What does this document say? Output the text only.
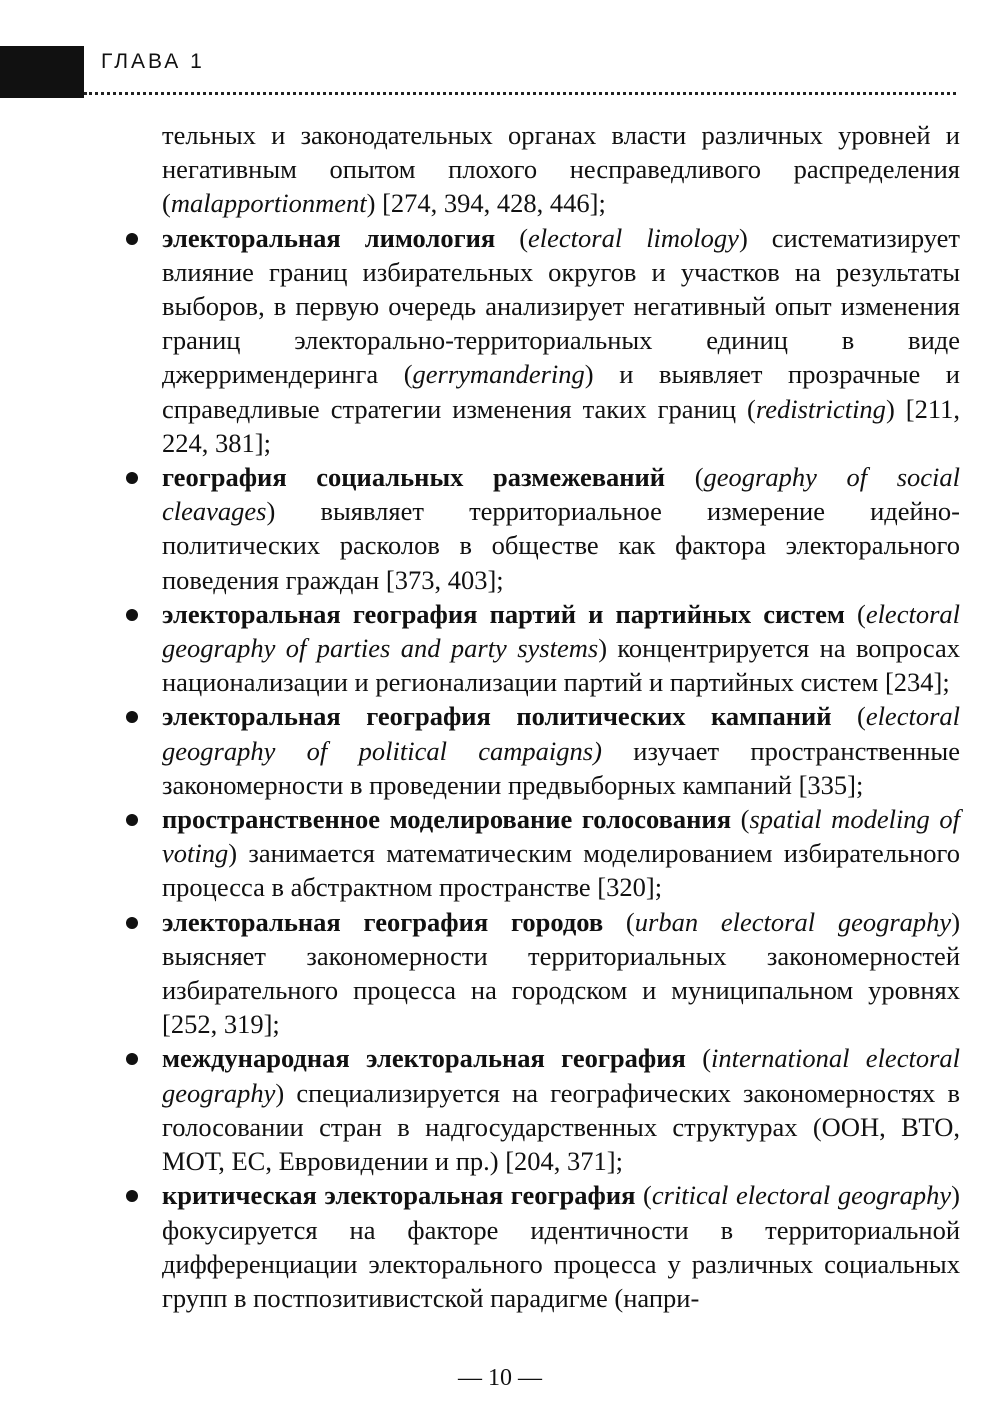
ГЛАВА 1

тельных и законодательных органах власти различных уровней и негативным опытом плохого несправедливого распределения (malapportionment) [274, 394, 428, 446];

электоральная лимология (electoral limology) систематизирует влияние границ избирательных округов и участков на результаты выборов, в первую очередь анализирует негативный опыт изменения границ электорально-территориальных единиц в виде джерримендеринга (gerrymandering) и выявляет прозрачные и справедливые стратегии изменения таких границ (redistricting) [211, 224, 381];

география социальных размежеваний (geography of social cleavages) выявляет территориальное измерение идейно-политических расколов в обществе как фактора электорального поведения граждан [373, 403];

электоральная география партий и партийных систем (electoral geography of parties and party systems) концентрируется на вопросах национализации и регионализации партий и партийных систем [234];

электоральная география политических кампаний (electoral geography of political campaigns) изучает пространственные закономерности в проведении предвыборных кампаний [335];

пространственное моделирование голосования (spatial modeling of voting) занимается математическим моделированием избирательного процесса в абстрактном пространстве [320];

электоральная география городов (urban electoral geography) выясняет закономерности территориальных закономерностей избирательного процесса на городском и муниципальном уровнях [252, 319];

международная электоральная география (international electoral geography) специализируется на географических закономерностях в голосовании стран в надгосударственных структурах (ООН, ВТО, МОТ, ЕС, Евровидении и пр.) [204, 371];

критическая электоральная география (critical electoral geography) фокусируется на факторе идентичности в территориальной дифференциации электорального процесса у различных социальных групп в постпозитивистской парадигме (напри-

— 10 —
